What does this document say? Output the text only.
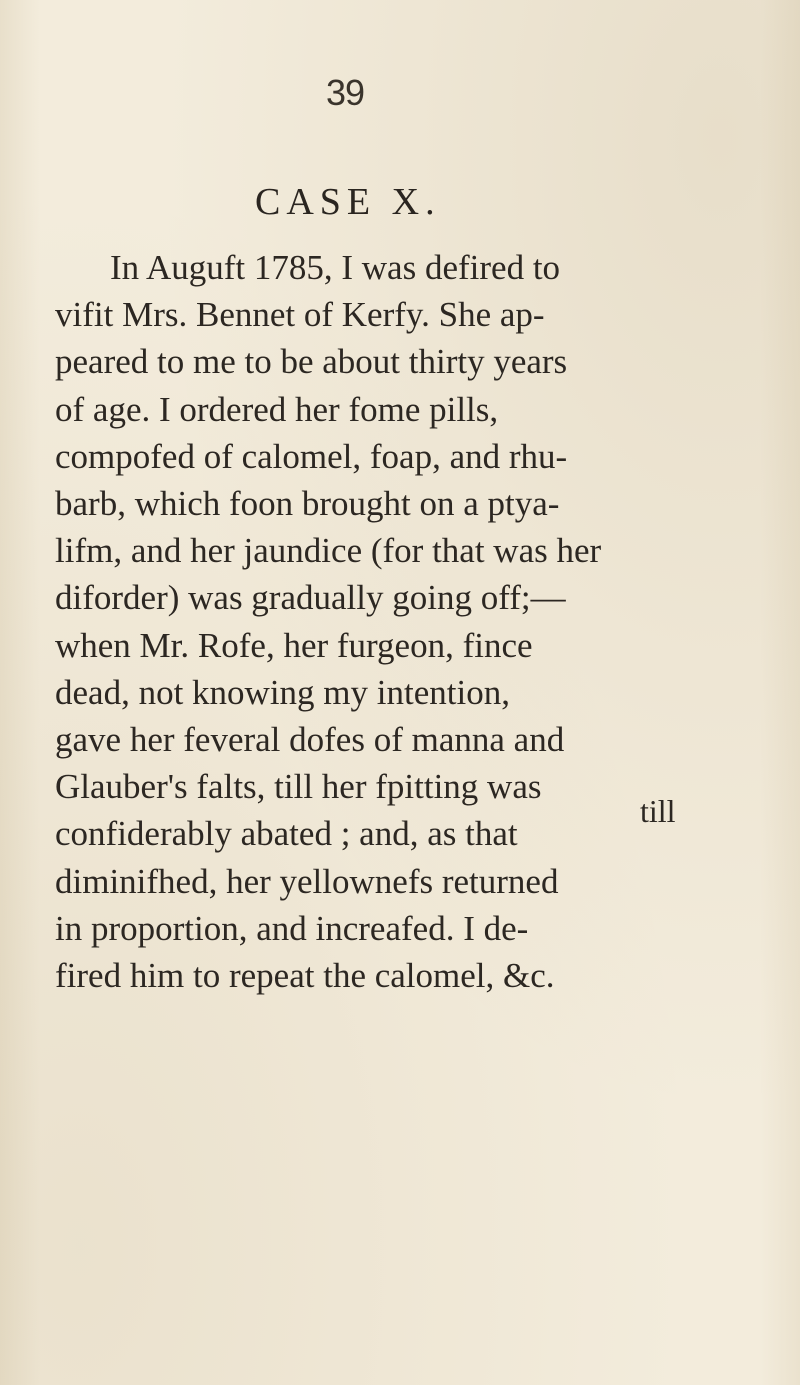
39
CASE X.
In Auguft 1785, I was defired to
vifit Mrs. Bennet of Kerfy. She ap-
peared to me to be about thirty years
of age. I ordered her fome pills,
compofed of calomel, foap, and rhu-
barb, which foon brought on a ptya-
lifm, and her jaundice (for that was her
diforder) was gradually going off;—
when Mr. Rofe, her furgeon, fince
dead, not knowing my intention,
gave her feveral dofes of manna and
Glauber's falts, till her fpitting was
confiderably abated ; and, as that
diminifhed, her yellownefs returned
in proportion, and increafed. I de-
fired him to repeat the calomel, &c.
till
